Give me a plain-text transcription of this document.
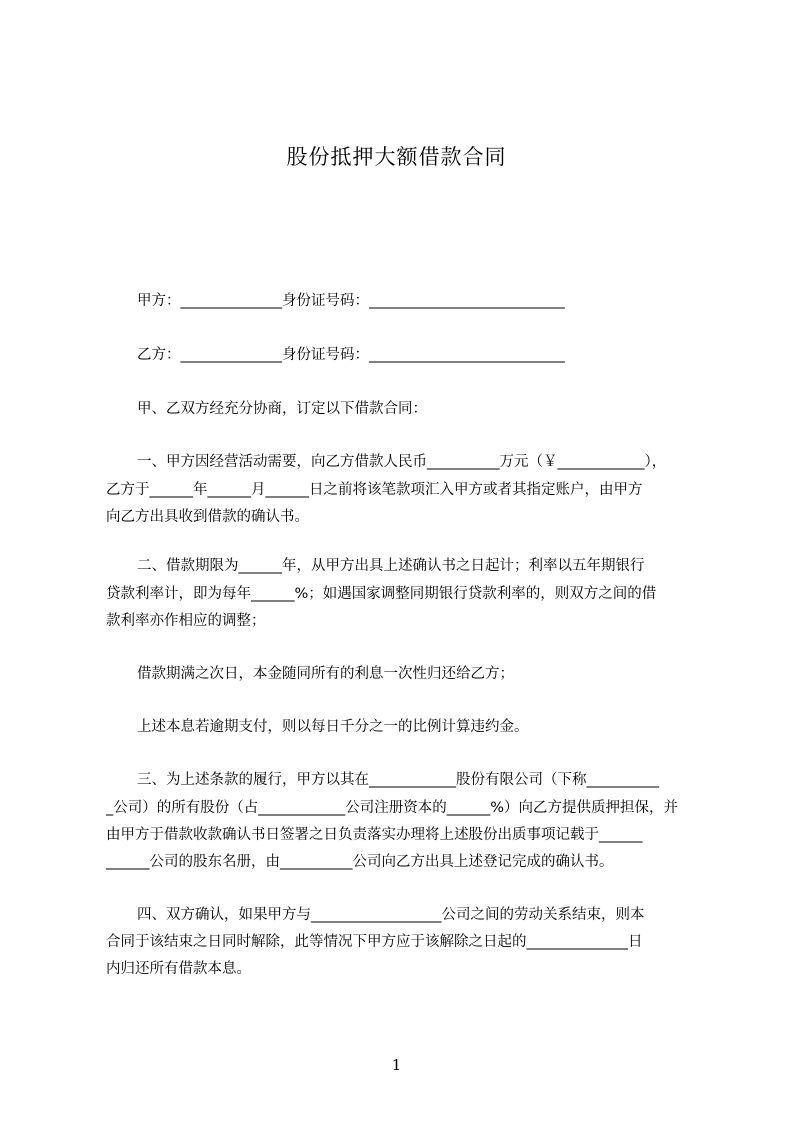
股份抵押大额借款合同
甲方：______________身份证号码：___________________________
乙方：______________身份证号码：___________________________
甲、乙双方经充分协商，订定以下借款合同：
一、甲方因经营活动需要，向乙方借款人民币__________万元（￥____________），
乙方于______年______月______日之前将该笔款项汇入甲方或者其指定账户，由甲方
向乙方出具收到借款的确认书。
二、借款期限为______年，从甲方出具上述确认书之日起计；利率以五年期银行
贷款利率计，即为每年______%；如遇国家调整同期银行贷款利率的，则双方之间的借
款利率亦作相应的调整；
借款期满之次日，本金随同所有的利息一次性归还给乙方；
上述本息若逾期支付，则以每日千分之一的比例计算违约金。
三、为上述条款的履行，甲方以其在____________股份有限公司（下称__________
_公司）的所有股份（占____________公司注册资本的______%）向乙方提供质押担保，并
由甲方于借款收款确认书日签署之日负责落实办理将上述股份出质事项记载于______
______公司的股东名册，由__________公司向乙方出具上述登记完成的确认书。
四、双方确认，如果甲方与__________________公司之间的劳动关系结束，则本
合同于该结束之日同时解除，此等情况下甲方应于该解除之日起的______________日
内归还所有借款本息。
1
